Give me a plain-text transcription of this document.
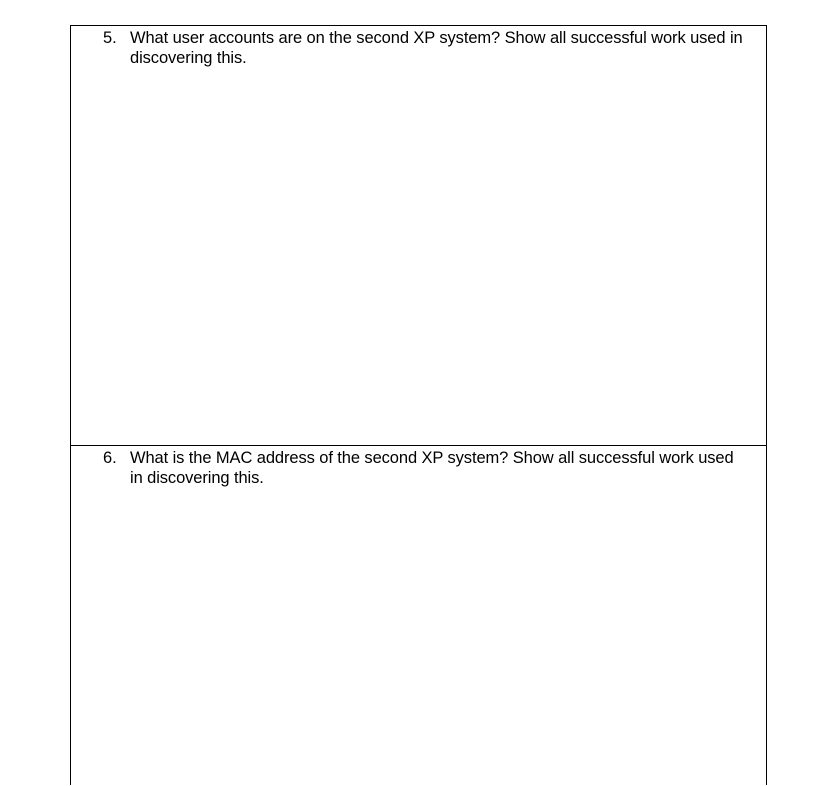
5. What user accounts are on the second XP system? Show all successful work used in discovering this.
6. What is the MAC address of the second XP system? Show all successful work used in discovering this.
